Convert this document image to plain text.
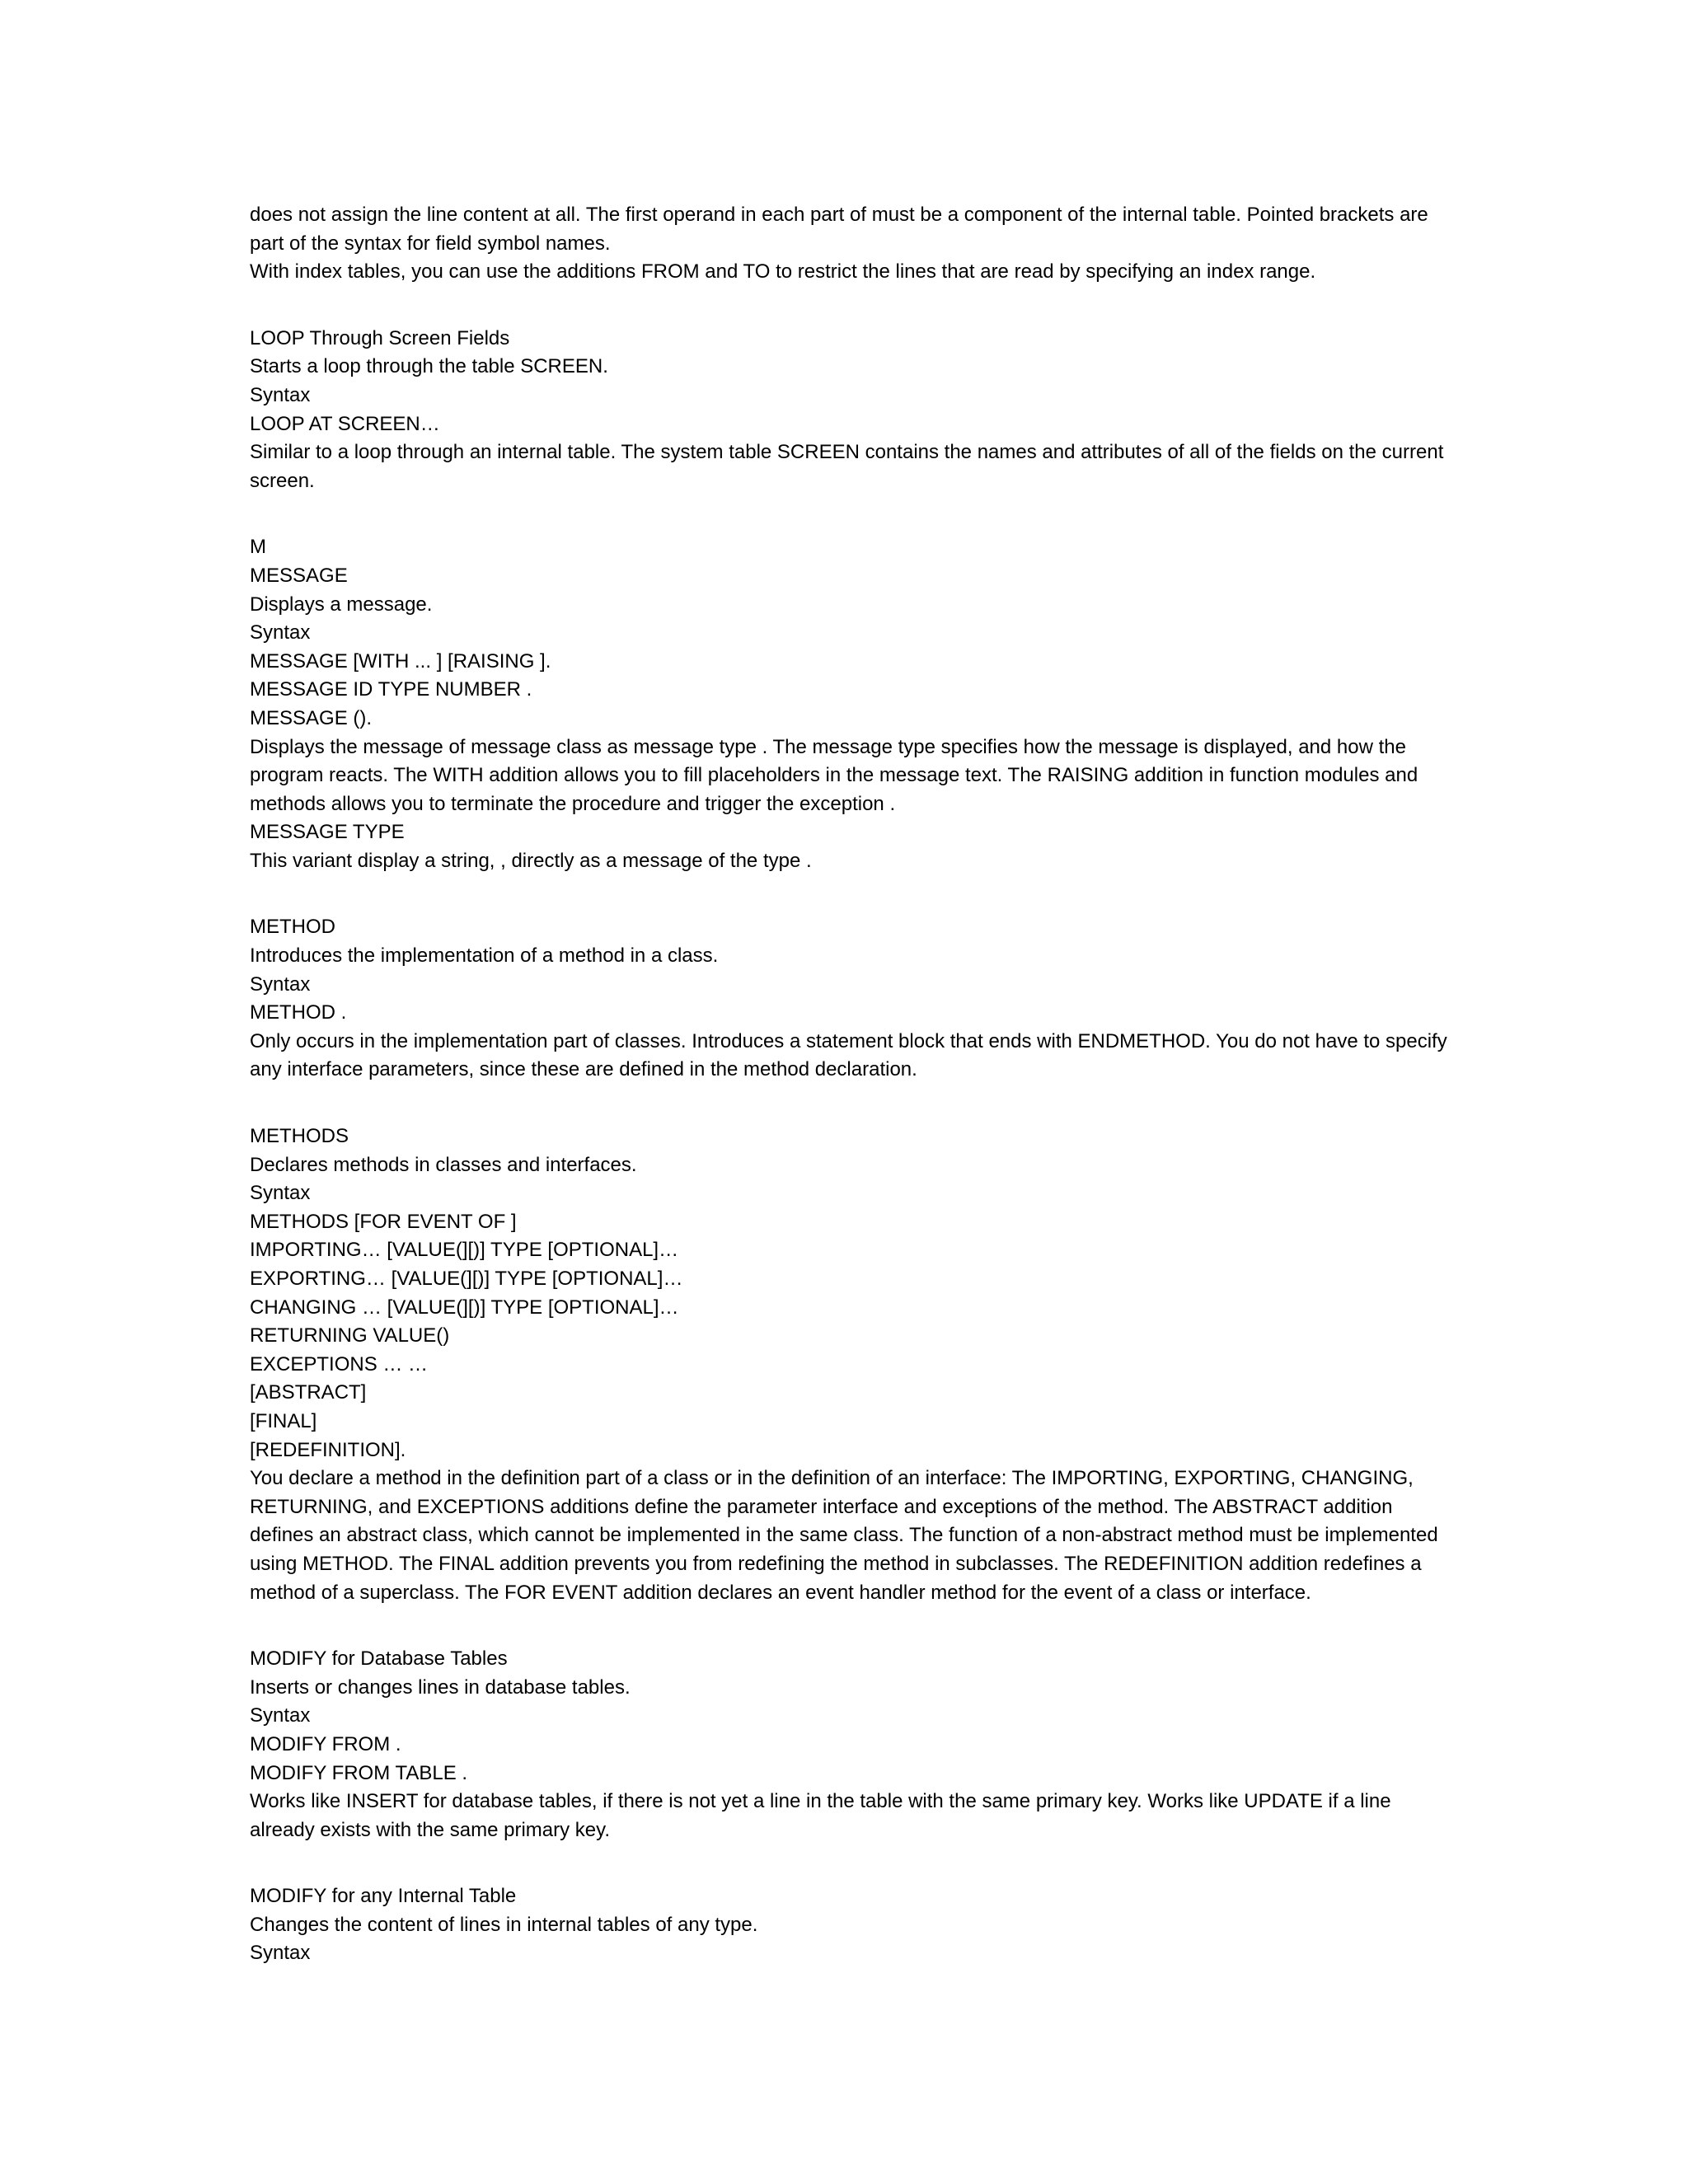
does not assign the line content at all. The first operand in each part of must be a component of the internal table. Pointed brackets are part of the syntax for field symbol names.

With index tables, you can use the additions FROM and TO to restrict the lines that are read by specifying an index range.

LOOP Through Screen Fields

Starts a loop through the table SCREEN.

Syntax

LOOP AT SCREEN…

Similar to a loop through an internal table. The system table SCREEN contains the names and attributes of all of the fields on the current screen.

M

MESSAGE

Displays a message.

Syntax

MESSAGE [WITH ... ] [RAISING ].

MESSAGE ID TYPE NUMBER .

MESSAGE ().

Displays the message of message class as message type . The message type specifies how the message is displayed, and how the program reacts. The WITH addition allows you to fill placeholders in the message text. The RAISING addition in function modules and methods allows you to terminate the procedure and trigger the exception .

MESSAGE TYPE

This variant display a string, , directly as a message of the type .

METHOD

Introduces the implementation of a method in a class.

Syntax

METHOD .

Only occurs in the implementation part of classes. Introduces a statement block that ends with ENDMETHOD. You do not have to specify any interface parameters, since these are defined in the method declaration.

METHODS

Declares methods in classes and interfaces.

Syntax

METHODS [FOR EVENT OF ]

IMPORTING… [VALUE(][)] TYPE [OPTIONAL]…

EXPORTING… [VALUE(][)] TYPE [OPTIONAL]…

CHANGING … [VALUE(][)] TYPE [OPTIONAL]…

RETURNING VALUE()

EXCEPTIONS … …

[ABSTRACT]

[FINAL]

[REDEFINITION].

You declare a method in the definition part of a class or in the definition of an interface: The IMPORTING, EXPORTING, CHANGING, RETURNING, and EXCEPTIONS additions define the parameter interface and exceptions of the method. The ABSTRACT addition defines an abstract class, which cannot be implemented in the same class. The function of a non-abstract method must be implemented using METHOD. The FINAL addition prevents you from redefining the method in subclasses. The REDEFINITION addition redefines a method of a superclass. The FOR EVENT addition declares an event handler method for the event of a class or interface.

MODIFY for Database Tables

Inserts or changes lines in database tables.

Syntax

MODIFY FROM .

MODIFY FROM TABLE .

Works like INSERT for database tables, if there is not yet a line in the table with the same primary key. Works like UPDATE if a line already exists with the same primary key.

MODIFY for any Internal Table

Changes the content of lines in internal tables of any type.

Syntax
